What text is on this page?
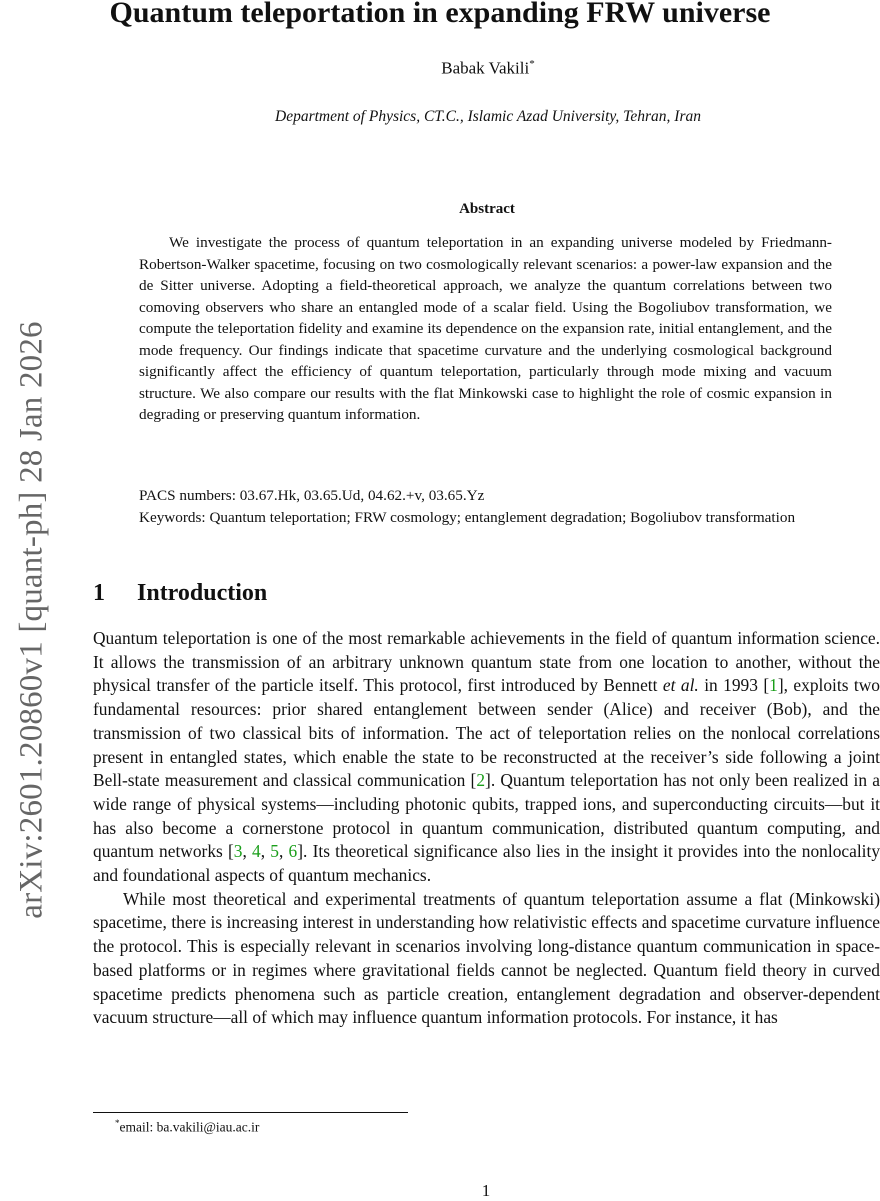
arXiv:2601.20860v1 [quant-ph] 28 Jan 2026
Quantum teleportation in expanding FRW universe
Babak Vakili*
Department of Physics, CT.C., Islamic Azad University, Tehran, Iran
Abstract

We investigate the process of quantum teleportation in an expanding universe modeled by Friedmann-Robertson-Walker spacetime, focusing on two cosmologically relevant scenarios: a power-law expansion and the de Sitter universe. Adopting a field-theoretical approach, we analyze the quantum correlations between two comoving observers who share an entangled mode of a scalar field. Using the Bogoliubov transformation, we compute the teleportation fidelity and examine its dependence on the expansion rate, initial entanglement, and the mode frequency. Our findings indicate that spacetime curvature and the underlying cosmological background significantly affect the efficiency of quantum teleportation, particularly through mode mixing and vacuum structure. We also compare our results with the flat Minkowski case to highlight the role of cosmic expansion in degrading or preserving quantum information.

PACS numbers: 03.67.Hk, 03.65.Ud, 04.62.+v, 03.65.Yz

Keywords: Quantum teleportation; FRW cosmology; entanglement degradation; Bogoliubov transformation

1 Introduction

Quantum teleportation is one of the most remarkable achievements in the field of quantum information science. It allows the transmission of an arbitrary unknown quantum state from one location to another, without the physical transfer of the particle itself. This protocol, first introduced by Bennett et al. in 1993 [1], exploits two fundamental resources: prior shared entanglement between sender (Alice) and receiver (Bob), and the transmission of two classical bits of information. The act of teleportation relies on the nonlocal correlations present in entangled states, which enable the state to be reconstructed at the receiver’s side following a joint Bell-state measurement and classical communication [2]. Quantum teleportation has not only been realized in a wide range of physical systems—including photonic qubits, trapped ions, and superconducting circuits—but it has also become a cornerstone protocol in quantum communication, distributed quantum computing, and quantum networks [3, 4, 5, 6]. Its theoretical significance also lies in the insight it provides into the nonlocality and foundational aspects of quantum mechanics.

While most theoretical and experimental treatments of quantum teleportation assume a flat (Minkowski) spacetime, there is increasing interest in understanding how relativistic effects and spacetime curvature influence the protocol. This is especially relevant in scenarios involving long-distance quantum communication in space-based platforms or in regimes where gravitational fields cannot be neglected. Quantum field theory in curved spacetime predicts phenomena such as particle creation, entanglement degradation and observer-dependent vacuum structure—all of which may influence quantum information protocols. For instance, it has

*email: ba.vakili@iau.ac.ir
1
